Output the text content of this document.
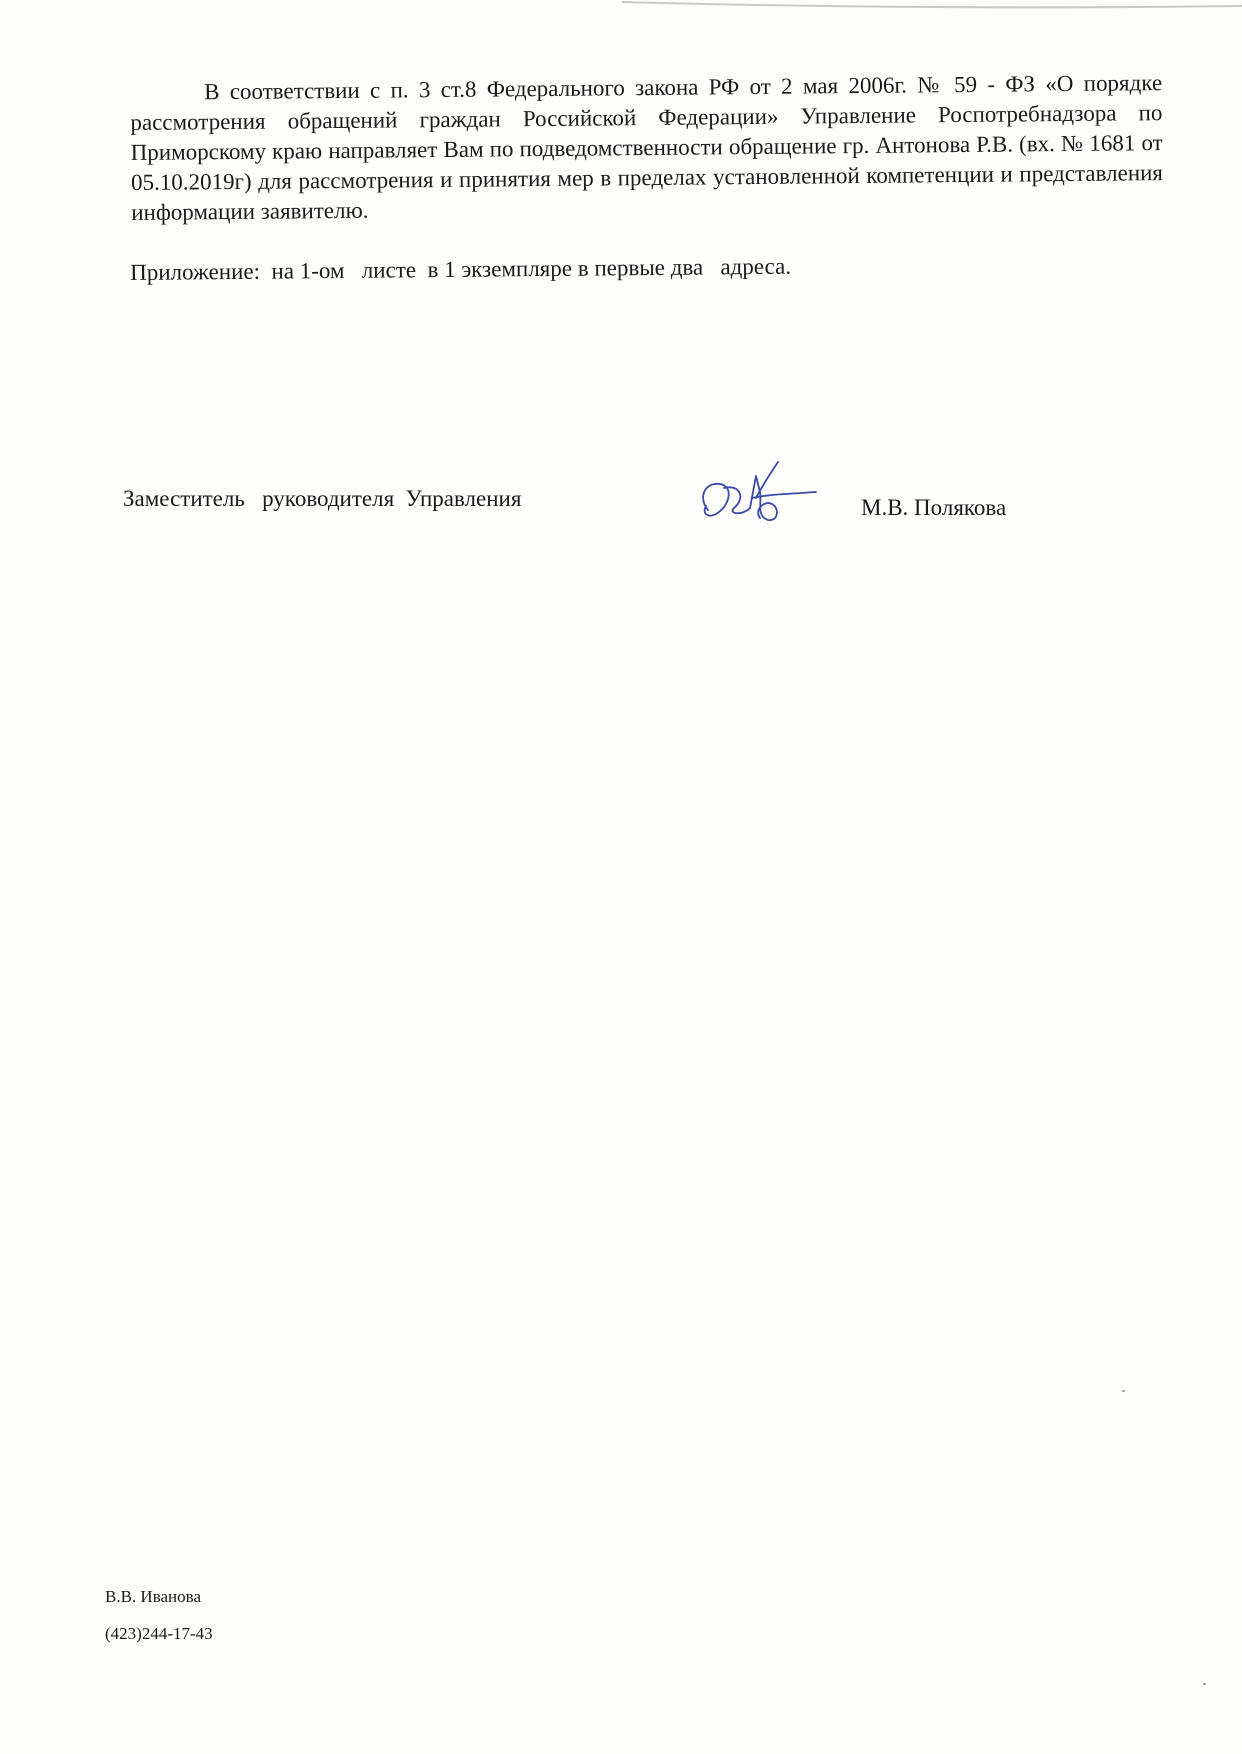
В соответствии с п. 3 ст.8 Федерального закона РФ от 2 мая 2006г. № 59 - ФЗ «О порядке рассмотрения обращений граждан Российской Федерации» Управление Роспотребнадзора по Приморскому краю направляет Вам по подведомственности обращение гр. Антонова Р.В. (вх. № 1681 от 05.10.2019г) для рассмотрения и принятия мер в пределах установленной компетенции и представления информации заявителю.

Приложение:  на 1-ом   листе  в 1 экземпляре в первые два   адреса.

Заместитель   руководителя  Управления	М.В. Полякова

В.В. Иванова

(423)244-17-43
